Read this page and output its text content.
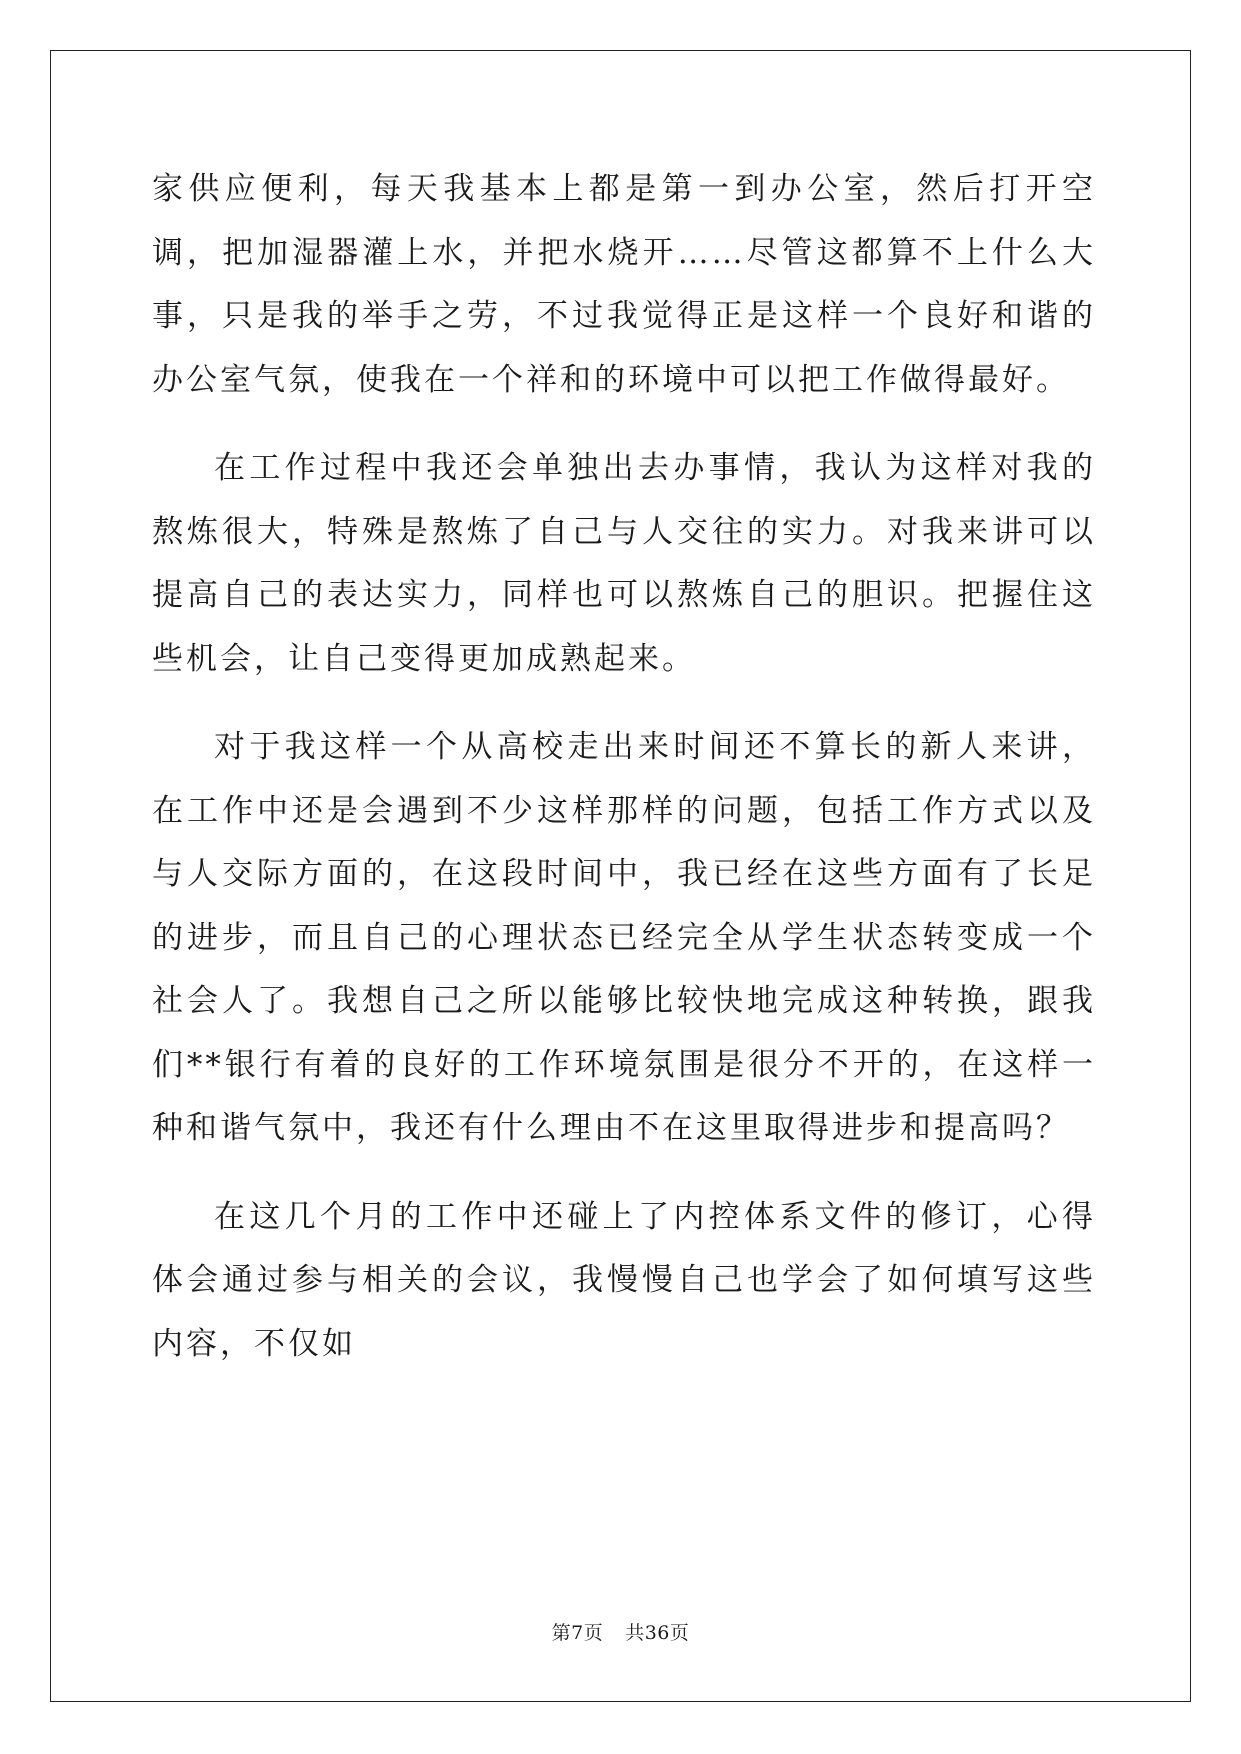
家供应便利，每天我基本上都是第一到办公室，然后打开空调，把加湿器灌上水，并把水烧开……尽管这都算不上什么大事，只是我的举手之劳，不过我觉得正是这样一个良好和谐的办公室气氛，使我在一个祥和的环境中可以把工作做得最好。

在工作过程中我还会单独出去办事情，我认为这样对我的熬炼很大，特殊是熬炼了自己与人交往的实力。对我来讲可以提高自己的表达实力，同样也可以熬炼自己的胆识。把握住这些机会，让自己变得更加成熟起来。

对于我这样一个从高校走出来时间还不算长的新人来讲，在工作中还是会遇到不少这样那样的问题，包括工作方式以及与人交际方面的，在这段时间中，我已经在这些方面有了长足的进步，而且自己的心理状态已经完全从学生状态转变成一个社会人了。我想自己之所以能够比较快地完成这种转换，跟我们**银行有着的良好的工作环境氛围是很分不开的，在这样一种和谐气氛中，我还有什么理由不在这里取得进步和提高吗？

在这几个月的工作中还碰上了内控体系文件的修订，心得体会通过参与相关的会议，我慢慢自己也学会了如何填写这些内容，不仅如

第7页 共36页
